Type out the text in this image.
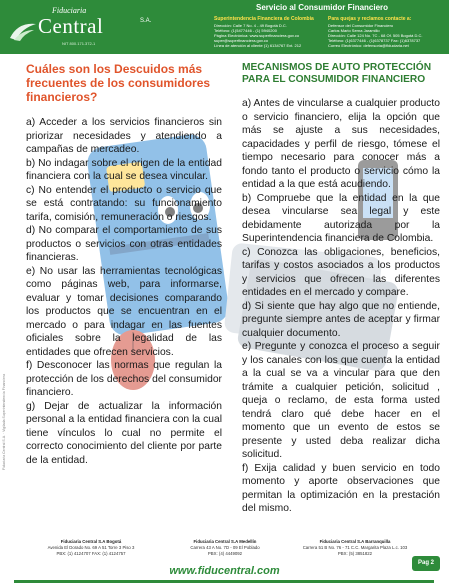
Fiduciaria
Central	S.A.
NIT 800.171.372-1
Servicio al Consumidor Financiero
Superintendencia Financiera de Colombia
Dirección: Calle 7 No. 4 - 49 Bogotá D.C.
Teléfono: (1)5477446 - (1) 5940200
Página Electrónica: www.superfinanciera.gov.co
super@superfinanciera.gov.co
Línea de atención al cliente (1) 6134767 Ext. 212
Para quejas y reclamos contacte a:
Defensor del Consumidor Financiero
Carlos Mario Serna Jaramillo
Dirección: Calle 124 No. 7C - 68 Of. 505 Bogotá D.C.
Teléfono: (1)6377446 - (1)6378737 Fax: (1)6378737
Correo Electrónico: defensoria@fiduciaria.net
Cuáles son los Descuidos más
frecuentes de los consumidores
financieros?

a) Acceder a los servicios financieros sin priorizar necesidades y atendiendo a campañas de mercadeo.

b) No indagar sobre el origen de la entidad financiera con la cual se desea vincular.

c) No entender el producto o servicio que se está contratando: su funcionamiento tarifa, comisión, remuneración o riesgos.

d) No comparar el comportamiento de sus productos o servicios con otras entidades financieras.

e) No usar las herramientas tecnológicas como páginas web, para informarse, evaluar y tomar decisiones comparando los productos que se encuentran en el mercado o para indagar en las fuentes oficiales sobre la legalidad de las entidades que ofrecen servicios.

f) Desconocer las normas que regulan la protección de los derechos del consumidor financiero.

g) Dejar de actualizar la información personal a la entidad financiera con la cual tiene vínculos lo cual no permite el correcto conocimiento del cliente por parte de la entidad.

MECANISMOS DE AUTO PROTECCIÓN
PARA EL CONSUMIDOR FINANCIERO

a) Antes de vincularse a cualquier producto o servicio financiero, elija la opción que más se ajuste a sus necesidades, capacidades y perfil de riesgo, tómese el tiempo necesario para conocer más a fondo tanto el producto o servicio cómo la entidad a la que está acudiendo.

b) Compruebe que la entidad en la que desea vincularse sea legal y este debidamente autorizada por la Superintendencia financiera de Colombia.

c) Conozca las obligaciones, beneficios, tarifas y costos asociados a los productos y servicios que ofrecen las diferentes entidades en el mercado y compare.

d) Si siente que hay algo que no entiende, pregunte siempre antes de aceptar y firmar cualquier documento.

e) Pregunte y conozca el proceso a seguir y los canales con los que cuenta la entidad a la cual se va a vincular para que den trámite a cualquier petición, solicitud , queja o reclamo, de esta forma usted tendrá claro qué debe hacer en el momento que un evento de estos se presente y usted deba realizar dicha solicitud.

f) Exija calidad y buen servicio en todo momento y aporte observaciones que permitan la optimización en la prestación del mismo.

Fiduciaria Central S.A. · Vigilada Superintendencia Financiera
Fiduciaria Central S.A Bogotá
Avenida El Dorado No. 69 A 51 Torre 3 Piso 3
PBX: (1) 4124707 FAX: (1) 4124757
Fiduciaria Central S.A Medellín
Carrera 43 A No. 7D - 09 El Poblado
PBX: (4) 4449092
Fiduciaria Central S.A Barranquilla
Carrera 51 B No. 76 - 71 C.C. Margarita Plaza L.c. 103
PBX: (5) 3851822
www.fiducentral.com
Pag 2
